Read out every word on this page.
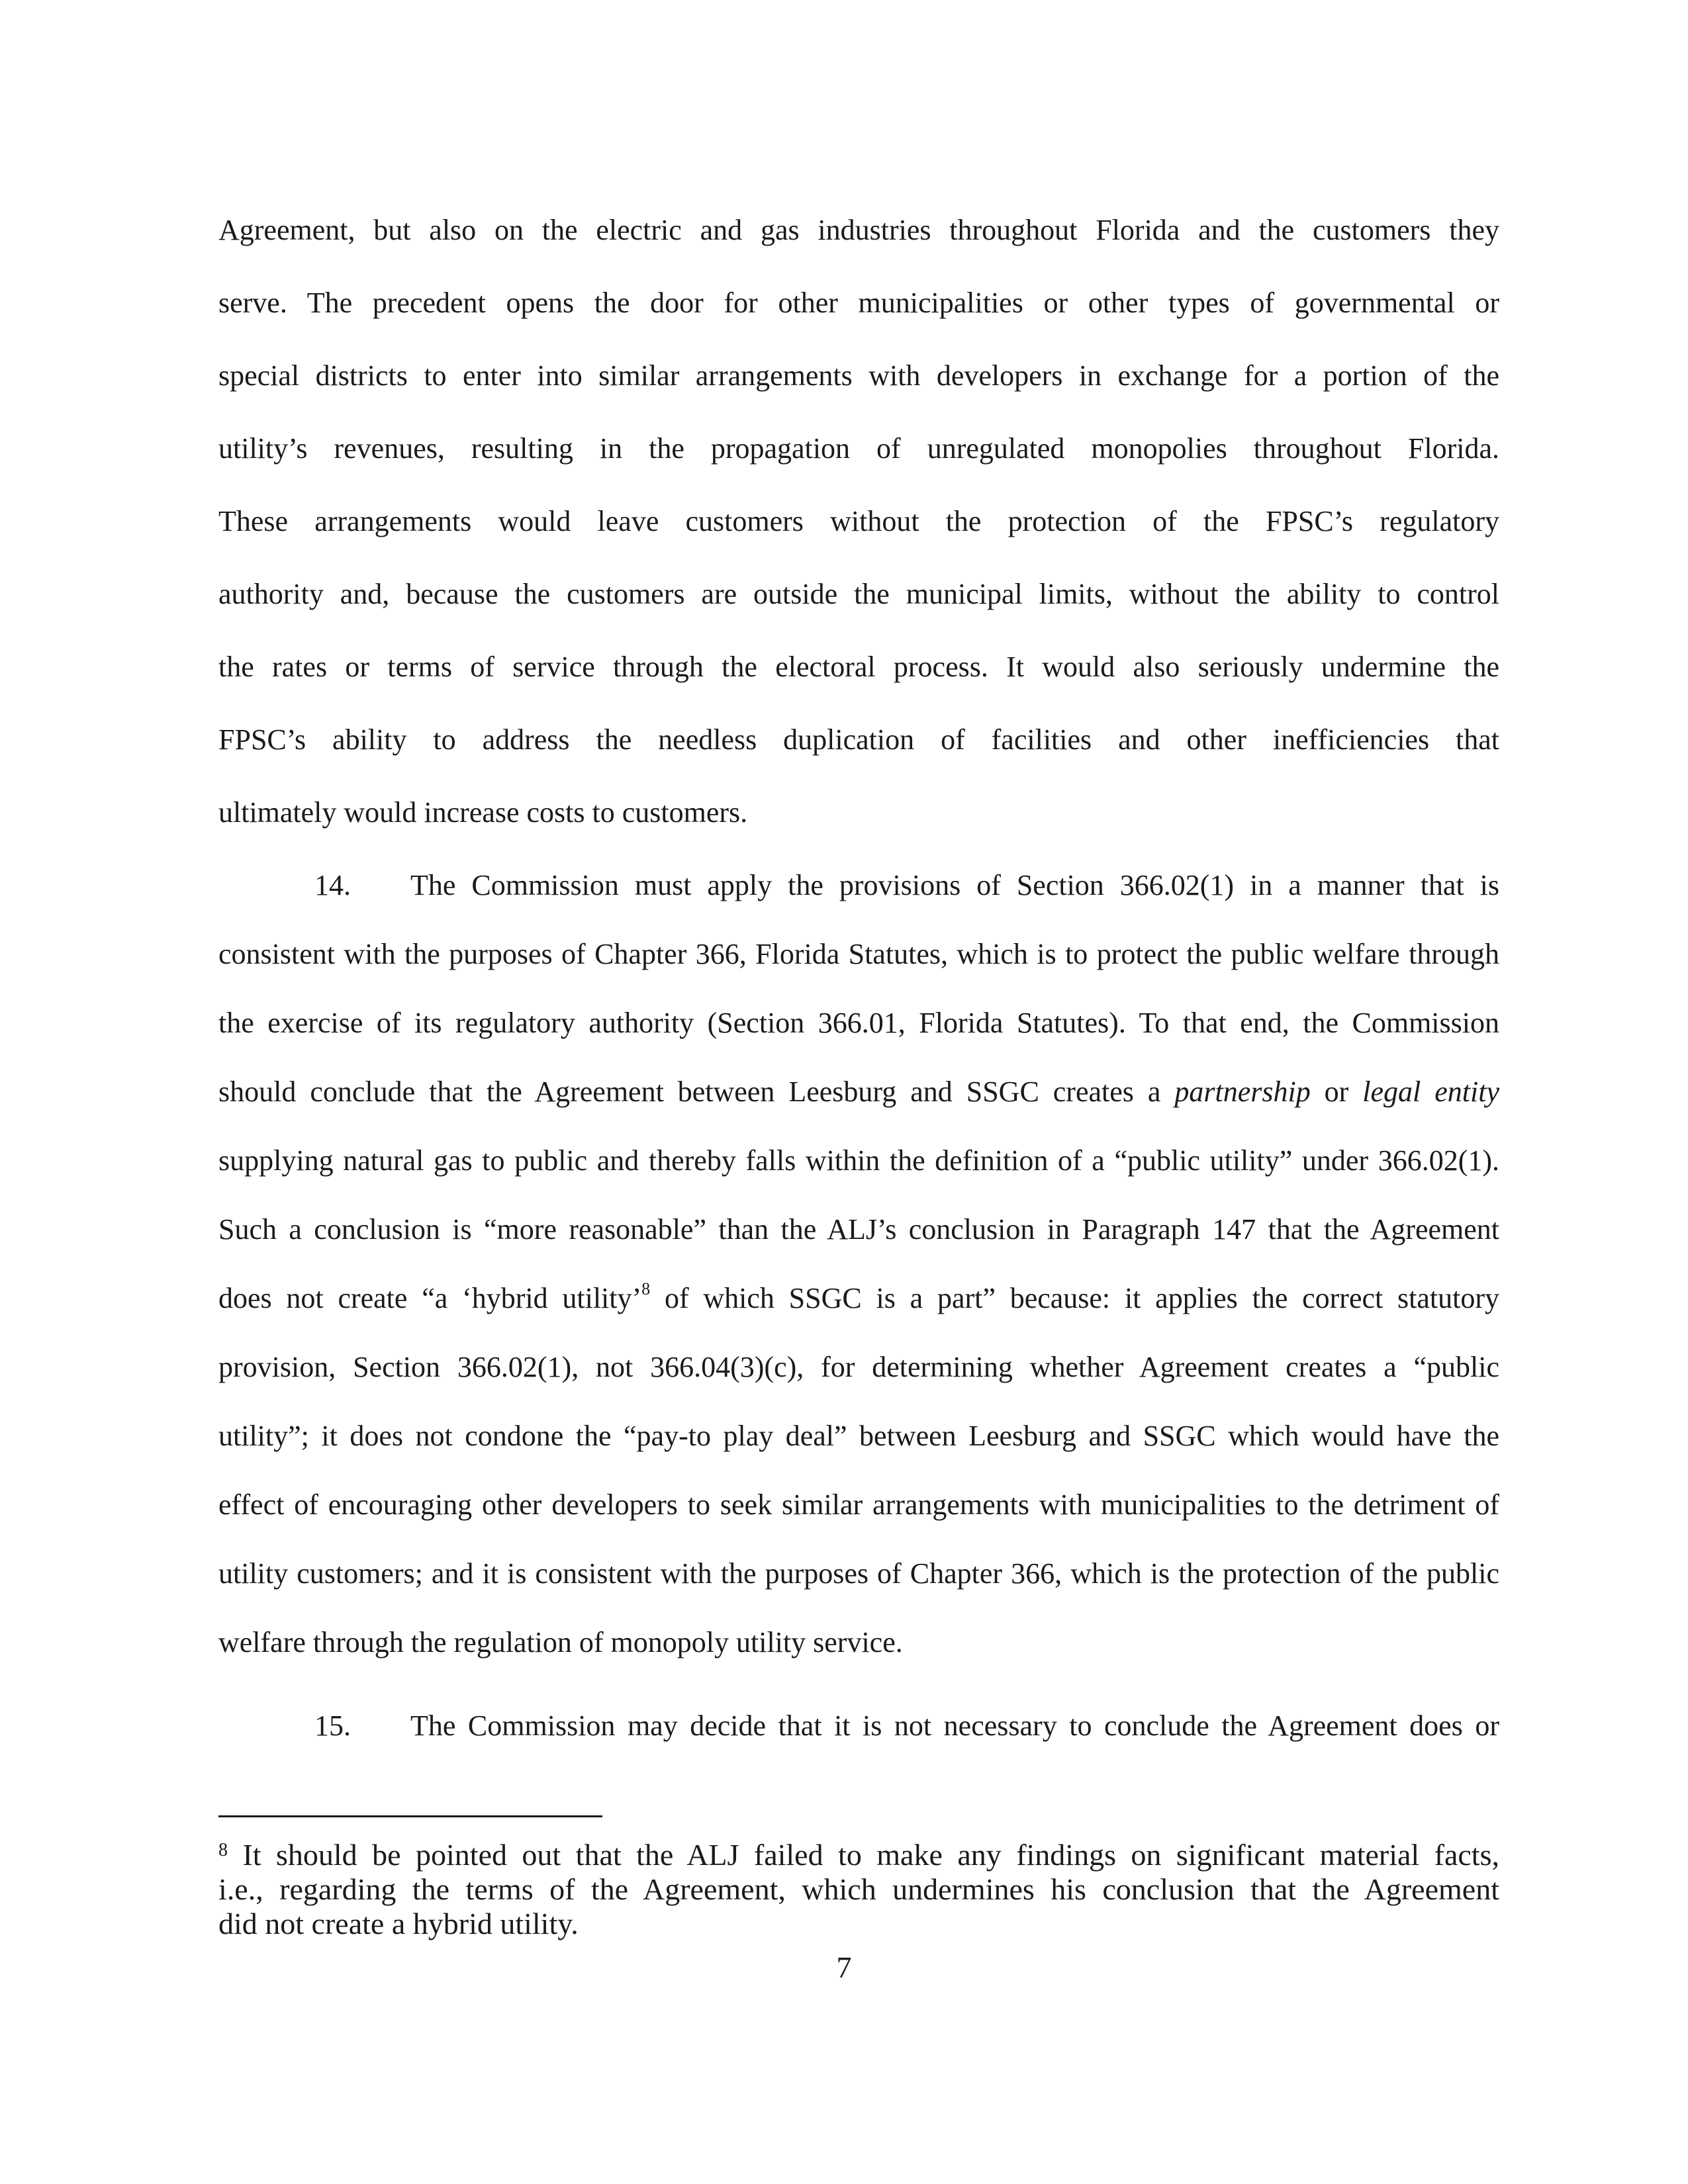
Agreement, but also on the electric and gas industries throughout Florida and the customers they
serve. The precedent opens the door for other municipalities or other types of governmental or
special districts to enter into similar arrangements with developers in exchange for a portion of the
utility’s revenues, resulting in the propagation of unregulated monopolies throughout Florida.
These arrangements would leave customers without the protection of the FPSC’s regulatory
authority and, because the customers are outside the municipal limits, without the ability to control
the rates or terms of service through the electoral process. It would also seriously undermine the
FPSC’s ability to address the needless duplication of facilities and other inefficiencies that
ultimately would increase costs to customers.
14.	The Commission must apply the provisions of Section 366.02(1) in a manner that is
consistent with the purposes of Chapter 366, Florida Statutes, which is to protect the public welfare through
the exercise of its regulatory authority (Section 366.01, Florida Statutes). To that end, the Commission
should conclude that the Agreement between Leesburg and SSGC creates a partnership or legal entity
supplying natural gas to public and thereby falls within the definition of a “public utility” under 366.02(1).
Such a conclusion is “more reasonable” than the ALJ’s conclusion in Paragraph 147 that the Agreement
does not create “a ‘hybrid utility’$^8$ of which SSGC is a part” because: it applies the correct statutory
provision, Section 366.02(1), not 366.04(3)(c), for determining whether Agreement creates a “public
utility”; it does not condone the “pay-to play deal” between Leesburg and SSGC which would have the
effect of encouraging other developers to seek similar arrangements with municipalities to the detriment of
utility customers; and it is consistent with the purposes of Chapter 366, which is the protection of the public
welfare through the regulation of monopoly utility service.
15.	The Commission may decide that it is not necessary to conclude the Agreement does or
$^8$ It should be pointed out that the ALJ failed to make any findings on significant material facts,
i.e., regarding the terms of the Agreement, which undermines his conclusion that the Agreement
did not create a hybrid utility.
7
